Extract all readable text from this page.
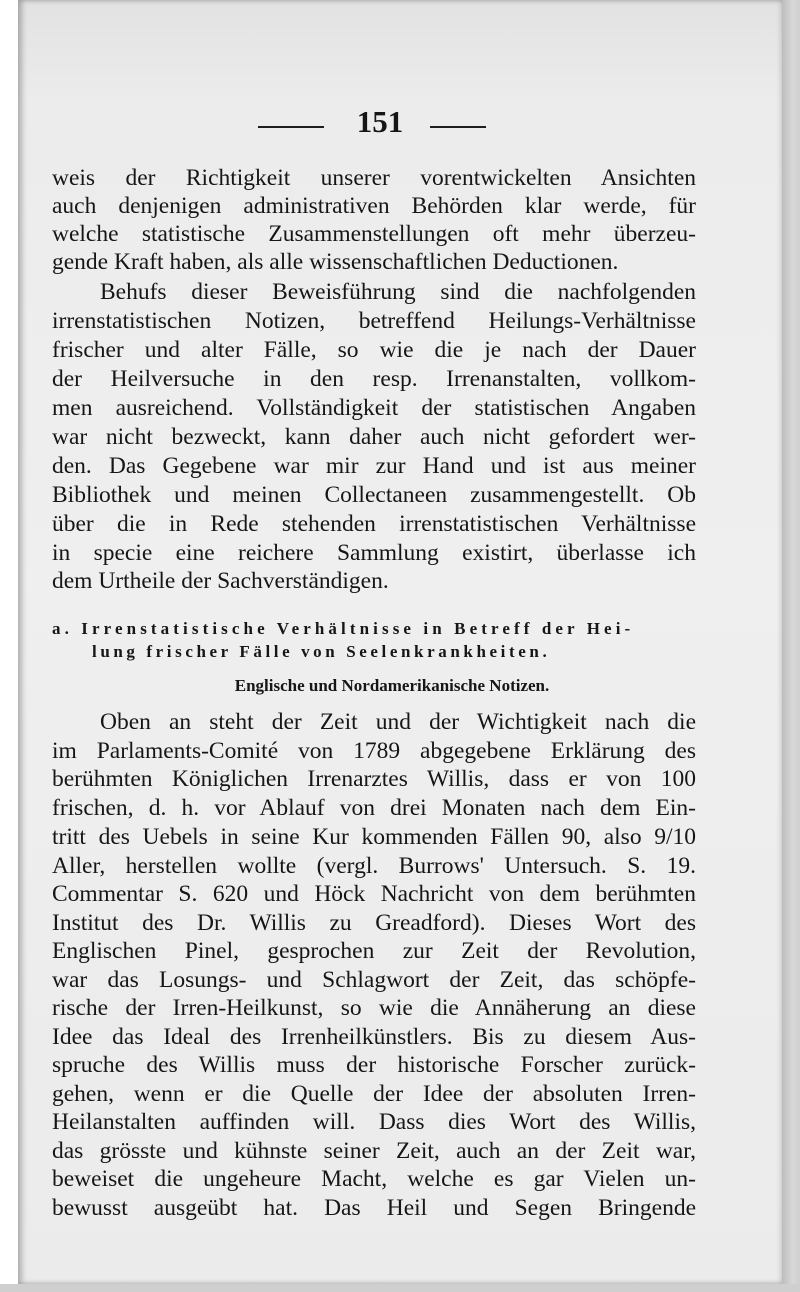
151
weis der Richtigkeit unserer vorentwickelten Ansichten
auch denjenigen administrativen Behörden klar werde, für
welche statistische Zusammenstellungen oft mehr überzeu-
gende Kraft haben, als alle wissenschaftlichen Deductionen.
Behufs dieser Beweisführung sind die nachfolgenden
irrenstatistischen Notizen, betreffend Heilungs-Verhältnisse
frischer und alter Fälle, so wie die je nach der Dauer
der Heilversuche in den resp. Irrenanstalten, vollkom-
men ausreichend. Vollständigkeit der statistischen Angaben
war nicht bezweckt, kann daher auch nicht gefordert wer-
den. Das Gegebene war mir zur Hand und ist aus meiner
Bibliothek und meinen Collectaneen zusammengestellt. Ob
über die in Rede stehenden irrenstatistischen Verhältnisse
in specie eine reichere Sammlung existirt, überlasse ich
dem Urtheile der Sachverständigen.
a. Irrenstatistische Verhältnisse in Betreff der Hei-
lung frischer Fälle von Seelenkrankheiten.
Englische und Nordamerikanische Notizen.
Oben an steht der Zeit und der Wichtigkeit nach die
im Parlaments-Comité von 1789 abgegebene Erklärung des
berühmten Königlichen Irrenarztes Willis, dass er von 100
frischen, d. h. vor Ablauf von drei Monaten nach dem Ein-
tritt des Uebels in seine Kur kommenden Fällen 90, also 9/10
Aller, herstellen wollte (vergl. Burrows' Untersuch. S. 19.
Commentar S. 620 und Höck Nachricht von dem berühmten
Institut des Dr. Willis zu Greadford). Dieses Wort des
Englischen Pinel, gesprochen zur Zeit der Revolution,
war das Losungs- und Schlagwort der Zeit, das schöpfe-
rische der Irren-Heilkunst, so wie die Annäherung an diese
Idee das Ideal des Irrenheilkünstlers. Bis zu diesem Aus-
spruche des Willis muss der historische Forscher zurück-
gehen, wenn er die Quelle der Idee der absoluten Irren-
Heilanstalten auffinden will. Dass dies Wort des Willis,
das grösste und kühnste seiner Zeit, auch an der Zeit war,
beweiset die ungeheure Macht, welche es gar Vielen un-
bewusst ausgeübt hat. Das Heil und Segen Bringende
